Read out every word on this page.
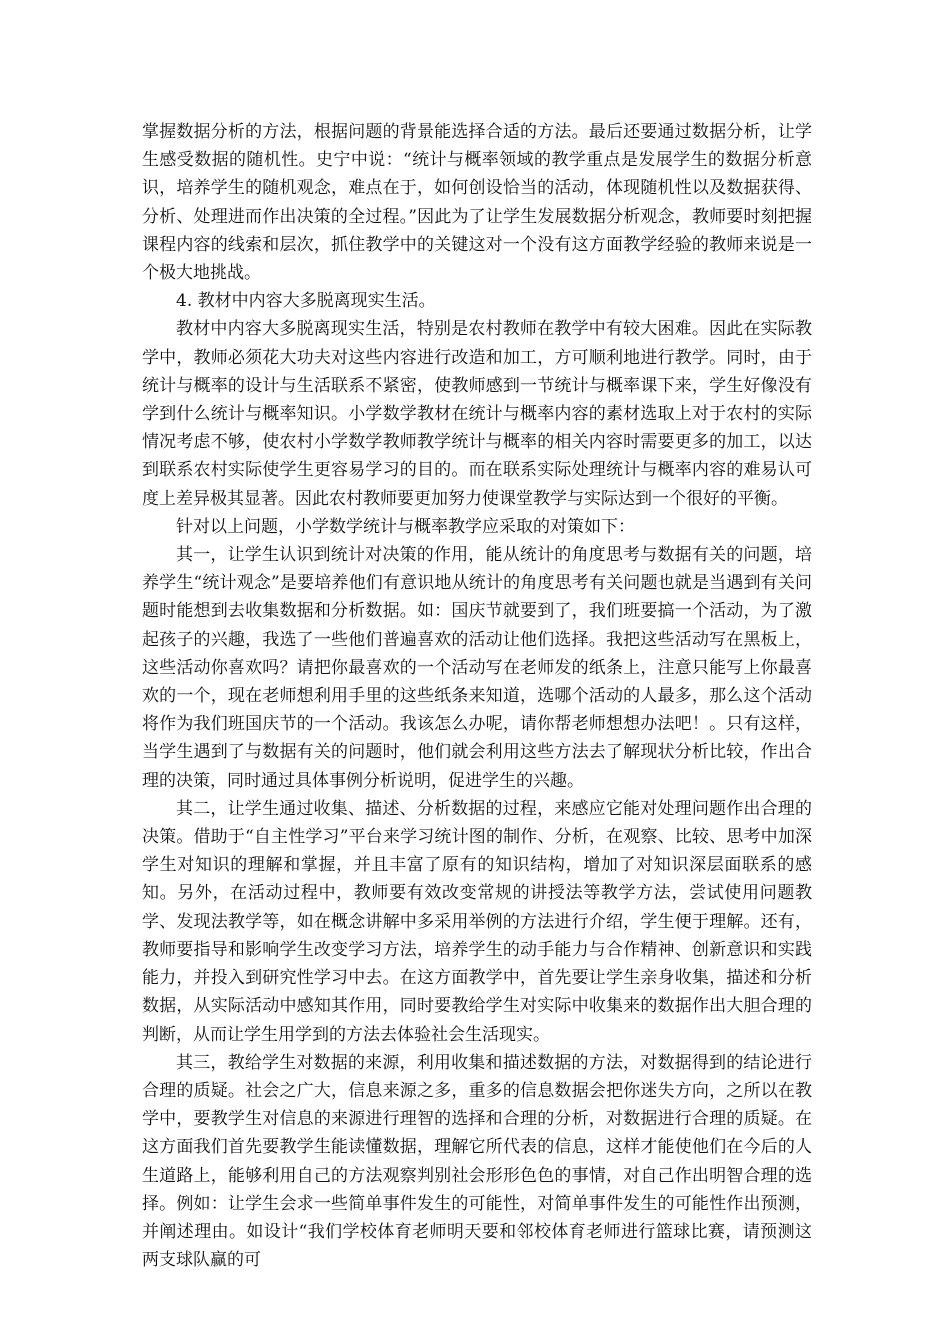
掌握数据分析的方法，根据问题的背景能选择合适的方法。最后还要通过数据分析，让学生感受数据的随机性。史宁中说：“统计与概率领域的教学重点是发展学生的数据分析意识，培养学生的随机观念，难点在于，如何创设恰当的活动，体现随机性以及数据获得、分析、处理进而作出决策的全过程。”因此为了让学生发展数据分析观念，教师要时刻把握课程内容的线索和层次，抓住教学中的关键这对一个没有这方面教学经验的教师来说是一个极大地挑战。

4. 教材中内容大多脱离现实生活。

教材中内容大多脱离现实生活，特别是农村教师在教学中有较大困难。因此在实际教学中，教师必须花大功夫对这些内容进行改造和加工，方可顺利地进行教学。同时，由于统计与概率的设计与生活联系不紧密，使教师感到一节统计与概率课下来，学生好像没有学到什么统计与概率知识。小学数学教材在统计与概率内容的素材选取上对于农村的实际情况考虑不够，使农村小学数学教师教学统计与概率的相关内容时需要更多的加工，以达到联系农村实际使学生更容易学习的目的。而在联系实际处理统计与概率内容的难易认可度上差异极其显著。因此农村教师要更加努力使课堂教学与实际达到一个很好的平衡。

针对以上问题，小学数学统计与概率教学应采取的对策如下：

其一，让学生认识到统计对决策的作用，能从统计的角度思考与数据有关的问题，培养学生“统计观念”是要培养他们有意识地从统计的角度思考有关问题也就是当遇到有关问题时能想到去收集数据和分析数据。如：国庆节就要到了，我们班要搞一个活动，为了激起孩子的兴趣，我选了一些他们普遍喜欢的活动让他们选择。我把这些活动写在黑板上，这些活动你喜欢吗？请把你最喜欢的一个活动写在老师发的纸条上，注意只能写上你最喜欢的一个，现在老师想利用手里的这些纸条来知道，选哪个活动的人最多，那么这个活动将作为我们班国庆节的一个活动。我该怎么办呢，请你帮老师想想办法吧！。只有这样，当学生遇到了与数据有关的问题时，他们就会利用这些方法去了解现状分析比较，作出合理的决策，同时通过具体事例分析说明，促进学生的兴趣。

其二，让学生通过收集、描述、分析数据的过程，来感应它能对处理问题作出合理的决策。借助于“自主性学习”平台来学习统计图的制作、分析，在观察、比较、思考中加深学生对知识的理解和掌握，并且丰富了原有的知识结构，增加了对知识深层面联系的感知。另外，在活动过程中，教师要有效改变常规的讲授法等教学方法，尝试使用问题教学、发现法教学等，如在概念讲解中多采用举例的方法进行介绍，学生便于理解。还有，教师要指导和影响学生改变学习方法，培养学生的动手能力与合作精神、创新意识和实践能力，并投入到研究性学习中去。在这方面教学中，首先要让学生亲身收集，描述和分析数据，从实际活动中感知其作用，同时要教给学生对实际中收集来的数据作出大胆合理的判断，从而让学生用学到的方法去体验社会生活现实。

其三，教给学生对数据的来源，利用收集和描述数据的方法，对数据得到的结论进行合理的质疑。社会之广大，信息来源之多，重多的信息数据会把你迷失方向，之所以在教学中，要教学生对信息的来源进行理智的选择和合理的分析，对数据进行合理的质疑。在这方面我们首先要教学生能读懂数据，理解它所代表的信息，这样才能使他们在今后的人生道路上，能够利用自己的方法观察判别社会形形色色的事情，对自己作出明智合理的选择。例如：让学生会求一些简单事件发生的可能性，对简单事件发生的可能性作出预测，并阐述理由。如设计“我们学校体育老师明天要和邻校体育老师进行篮球比赛，请预测这两支球队赢的可
